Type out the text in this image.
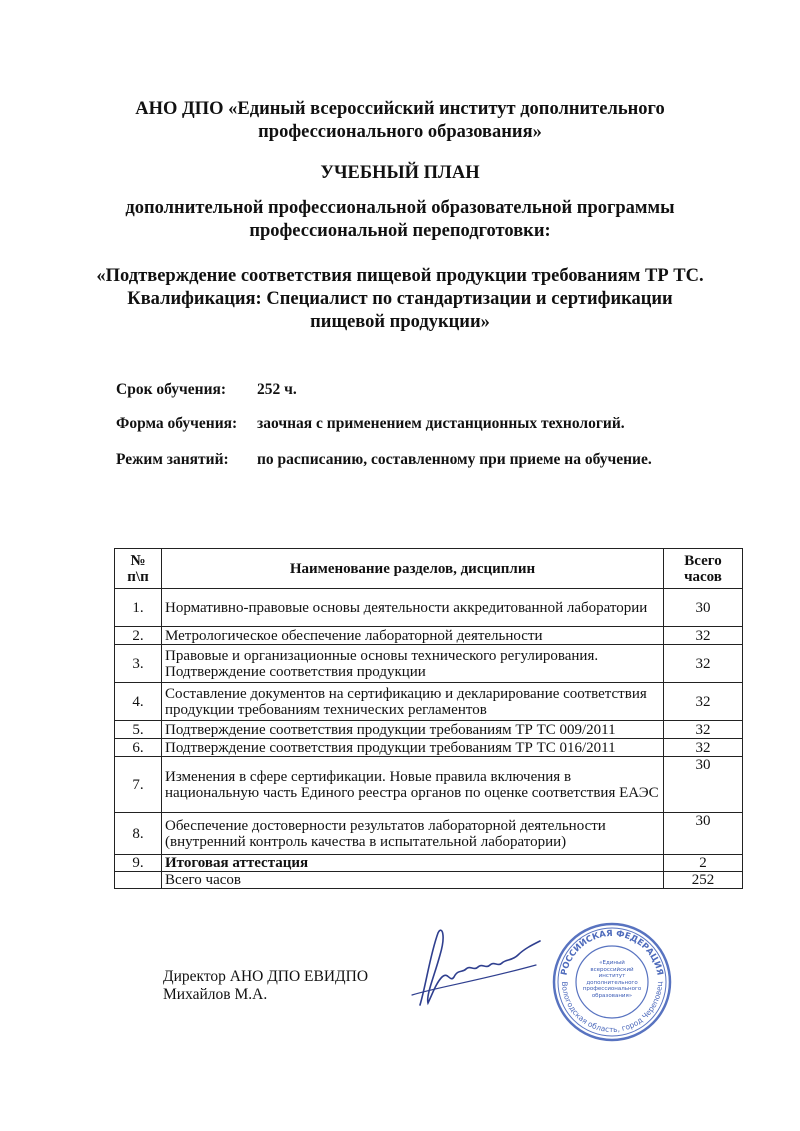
АНО ДПО «Единый всероссийский институт дополнительного
профессионального образования»
УЧЕБНЫЙ ПЛАН
дополнительной профессиональной образовательной программы
профессиональной переподготовки:
«Подтверждение соответствия пищевой продукции требованиям ТР ТС.
Квалификация: Специалист по стандартизации и сертификации
пищевой продукции»
Срок обучения: 252 ч.
Форма обучения: заочная с применением дистанционных технологий.
Режим занятий: по расписанию, составленному при приеме на обучение.
№ п\п	Наименование разделов, дисциплин	Всего
часов

1.	Нормативно-правовые основы деятельности аккредитованной лаборатории	30
2.	Метрологическое обеспечение лабораторной деятельности	32
3.	Правовые и организационные основы технического регулирования. Подтверждение соответствия продукции	32
4.	Составление документов на сертификацию и декларирование соответствия продукции требованиям технических регламентов	32
5.	Подтверждение соответствия продукции требованиям ТР ТС 009/2011	32
6.	Подтверждение соответствия продукции требованиям ТР ТС 016/2011	32
7.	Изменения в сфере сертификации. Новые правила включения в национальную часть Единого реестра органов по оценке соответствия ЕАЭС	30
8.	Обеспечение достоверности результатов лабораторной деятельности (внутренний контроль качества в испытательной лаборатории)	30
9.	Итоговая аттестация	2
	Всего часов	252
Директор АНО ДПО ЕВИДПО
Михайлов М.А.
РОССИЙСКАЯ ФЕДЕРАЦИЯ
Вологодская область, город Череповец
«Единый всероссийский институт дополнительного профессионального образования»
